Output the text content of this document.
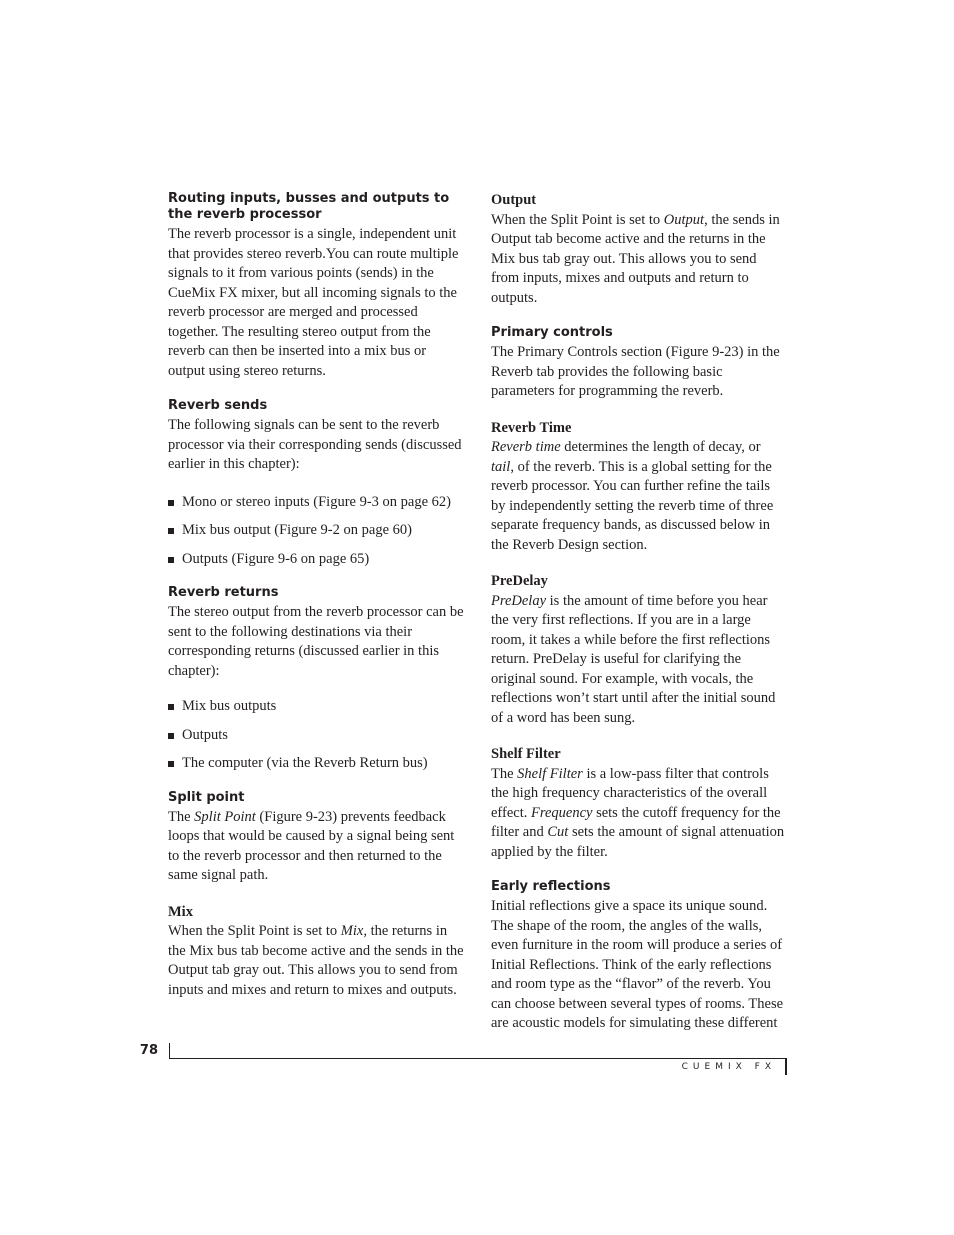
Routing inputs, busses and outputs to the reverb processor

The reverb processor is a single, independent unit that provides stereo reverb.You can route multiple signals to it from various points (sends) in the CueMix FX mixer, but all incoming signals to the reverb processor are merged and processed together. The resulting stereo output from the reverb can then be inserted into a mix bus or output using stereo returns.

Reverb sends

The following signals can be sent to the reverb processor via their corresponding sends (discussed earlier in this chapter):

Mono or stereo inputs (Figure 9-3 on page 62)
Mix bus output (Figure 9-2 on page 60)
Outputs (Figure 9-6 on page 65)
Reverb returns

The stereo output from the reverb processor can be sent to the following destinations via their corresponding returns (discussed earlier in this chapter):

Mix bus outputs
Outputs
The computer (via the Reverb Return bus)
Split point

The Split Point (Figure 9-23) prevents feedback loops that would be caused by a signal being sent to the reverb processor and then returned to the same signal path.

Mix

When the Split Point is set to Mix, the returns in the Mix bus tab become active and the sends in the Output tab gray out. This allows you to send from inputs and mixes and return to mixes and outputs.

Output

When the Split Point is set to Output, the sends in Output tab become active and the returns in the Mix bus tab gray out. This allows you to send from inputs, mixes and outputs and return to outputs.

Primary controls

The Primary Controls section (Figure 9-23) in the Reverb tab provides the following basic parameters for programming the reverb.

Reverb Time

Reverb time determines the length of decay, or tail, of the reverb. This is a global setting for the reverb processor. You can further refine the tails by independently setting the reverb time of three separate frequency bands, as discussed below in the Reverb Design section.

PreDelay

PreDelay is the amount of time before you hear the very first reflections. If you are in a large room, it takes a while before the first reflections return. PreDelay is useful for clarifying the original sound. For example, with vocals, the reflections won’t start until after the initial sound of a word has been sung.

Shelf Filter

The Shelf Filter is a low-pass filter that controls the high frequency characteristics of the overall effect. Frequency sets the cutoff frequency for the filter and Cut sets the amount of signal attenuation applied by the filter.

Early reflections

Initial reflections give a space its unique sound. The shape of the room, the angles of the walls, even furniture in the room will produce a series of Initial Reflections. Think of the early reflections and room type as the “flavor” of the reverb. You can choose between several types of rooms. These are acoustic models for simulating these different

78
CUEMIX FX
